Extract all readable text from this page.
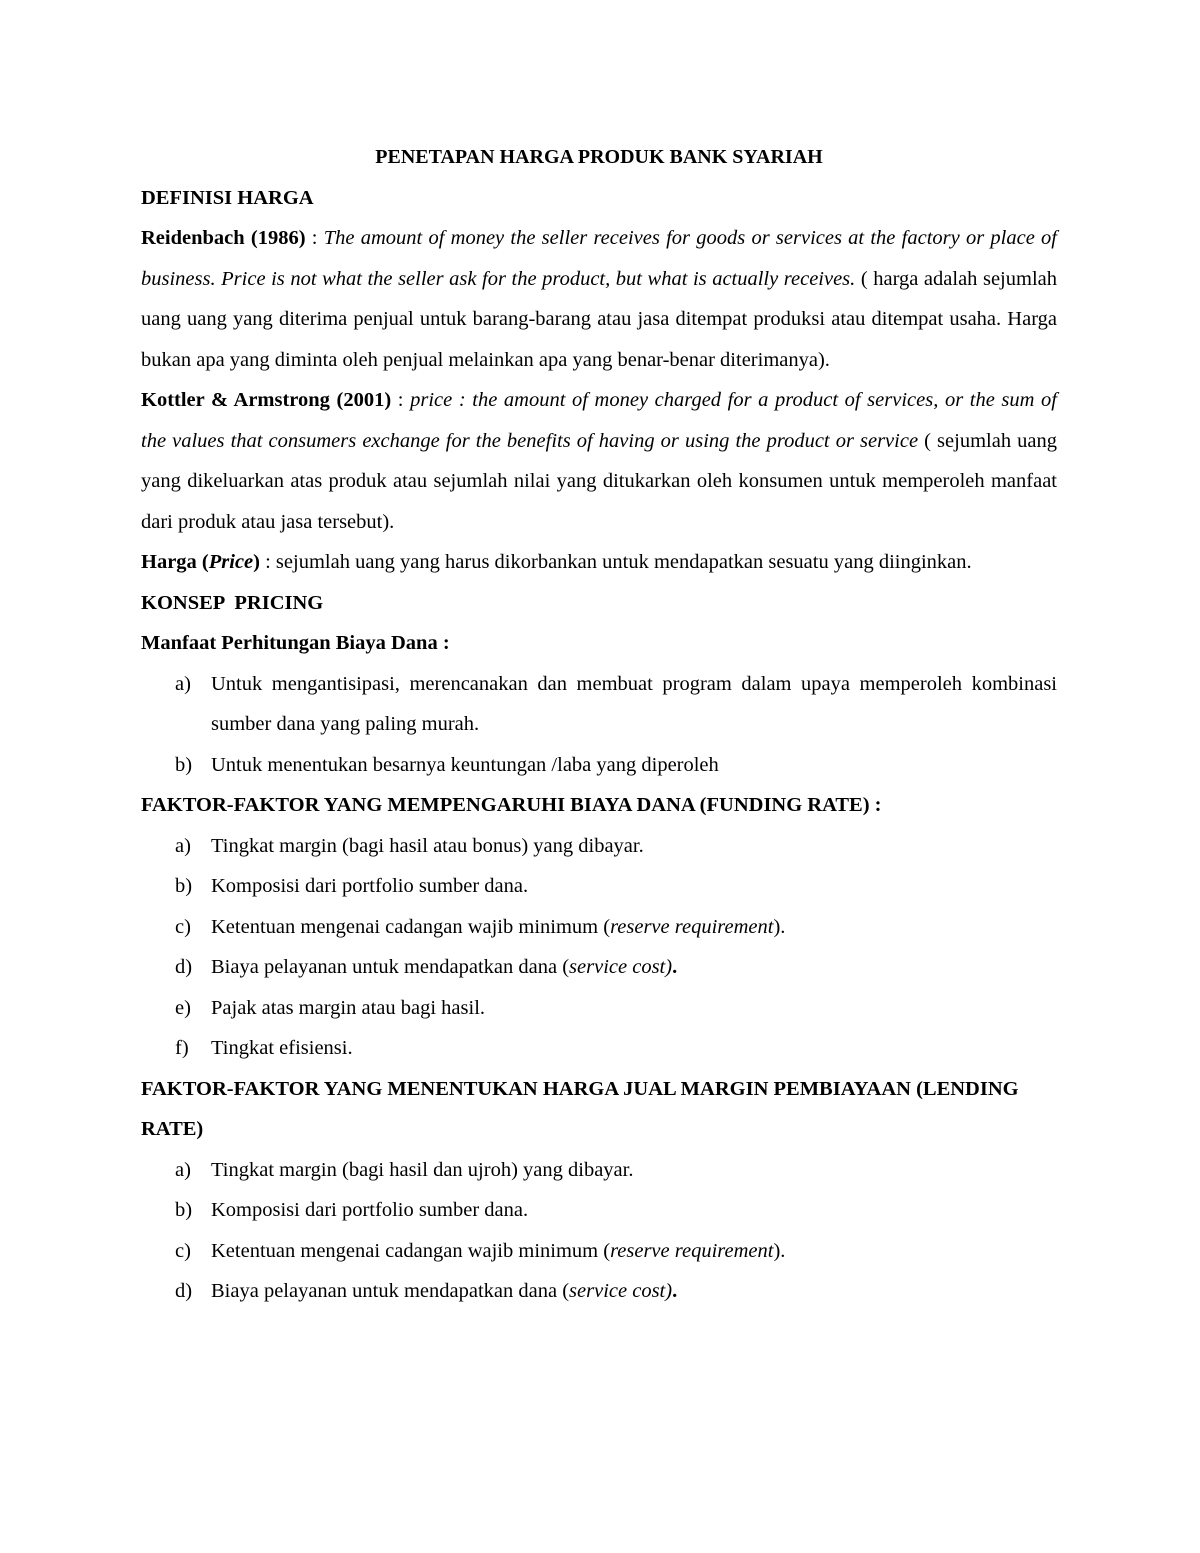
PENETAPAN HARGA PRODUK BANK SYARIAH

DEFINISI HARGA

Reidenbach (1986) : The amount of money the seller receives for goods or services at the factory or place of business. Price is not what the seller ask for the product, but what is actually receives. ( harga adalah sejumlah uang uang yang diterima penjual untuk barang-barang atau jasa ditempat produksi atau ditempat usaha. Harga bukan apa yang diminta oleh penjual melainkan apa yang benar-benar diterimanya).

Kottler & Armstrong (2001) : price : the amount of money charged for a product of services, or the sum of the values that consumers exchange for the benefits of having or using the product or service ( sejumlah uang yang dikeluarkan atas produk atau sejumlah nilai yang ditukarkan oleh konsumen untuk memperoleh manfaat dari produk atau jasa tersebut).

Harga (Price) : sejumlah uang yang harus dikorbankan untuk mendapatkan sesuatu yang diinginkan.

KONSEP  PRICING

Manfaat Perhitungan Biaya Dana :

a) Untuk mengantisipasi, merencanakan dan membuat program dalam upaya memperoleh kombinasi sumber dana yang paling murah.
b) Untuk menentukan besarnya keuntungan /laba yang diperoleh

FAKTOR-FAKTOR YANG MEMPENGARUHI BIAYA DANA (FUNDING RATE) :

a) Tingkat margin (bagi hasil atau bonus) yang dibayar.
b) Komposisi dari portfolio sumber dana.
c) Ketentuan mengenai cadangan wajib minimum (reserve requirement).
d) Biaya pelayanan untuk mendapatkan dana (service cost).
e) Pajak atas margin atau bagi hasil.
f) Tingkat efisiensi.

FAKTOR-FAKTOR YANG MENENTUKAN HARGA JUAL MARGIN PEMBIAYAAN (LENDING RATE)

a) Tingkat margin (bagi hasil dan ujroh) yang dibayar.
b) Komposisi dari portfolio sumber dana.
c) Ketentuan mengenai cadangan wajib minimum (reserve requirement).
d) Biaya pelayanan untuk mendapatkan dana (service cost).
